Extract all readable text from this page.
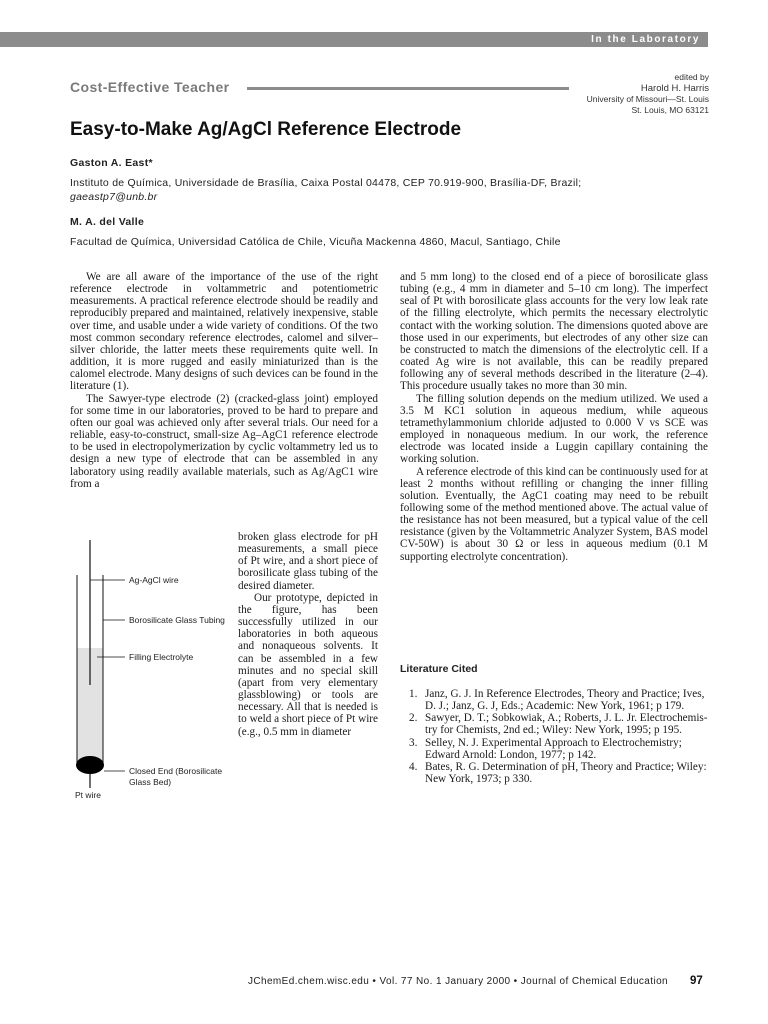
In the Laboratory
Cost-Effective Teacher
edited by
Harold H. Harris
University of Missouri—St. Louis
St. Louis, MO 63121
Easy-to-Make Ag/AgCl Reference Electrode
Gaston A. East*
Instituto de Química, Universidade de Brasília, Caixa Postal 04478, CEP 70.919-900, Brasília-DF, Brazil;
gaeastp7@unb.br
M. A. del Valle
Facultad de Química, Universidad Católica de Chile, Vicuña Mackenna 4860, Macul, Santiago, Chile

We are all aware of the importance of the use of the right reference electrode in voltammetric and potentiometric measurements. A practical reference electrode should be readily and reproducibly prepared and maintained, relatively inexpensive, stable over time, and usable under a wide variety of conditions. Of the two most common secondary reference electrodes, calomel and silver–silver chloride, the latter meets these requirements quite well. In addition, it is more rugged and easily miniaturized than is the calomel electrode. Many designs of such devices can be found in the literature (1).

The Sawyer-type electrode (2) (cracked-glass joint) employed for some time in our laboratories, proved to be hard to prepare and often our goal was achieved only after several trials. Our need for a reliable, easy-to-construct, small-size Ag–AgC1 reference electrode to be used in electropolymerization by cyclic voltammetry led us to design a new type of electrode that can be assembled in any laboratory using readily available materials, such as Ag/AgC1 wire from a

Ag-AgCl wire
Borosilicate Glass Tubing
Filling Electrolyte
Closed End (Borosilicate
Glass Bed)
Pt wire

broken glass electrode for pH measurements, a small piece of Pt wire, and a short piece of borosilicate glass tubing of the desired diameter.

Our prototype, depicted in the figure, has been successfully utilized in our laboratories in both aqueous and nonaqueous solvents. It can be assembled in a few minutes and no special skill (apart from very elementary glassblowing) or tools are necessary. All that is needed is to weld a short piece of Pt wire (e.g., 0.5 mm in diameter

and 5 mm long) to the closed end of a piece of borosilicate glass tubing (e.g., 4 mm in diameter and 5–10 cm long). The imperfect seal of Pt with borosilicate glass accounts for the very low leak rate of the filling electrolyte, which permits the necessary electrolytic contact with the working solution. The dimensions quoted above are those used in our experiments, but electrodes of any other size can be constructed to match the dimensions of the electrolytic cell. If a coated Ag wire is not available, this can be readily prepared following any of several methods described in the literature (2–4). This procedure usually takes no more than 30 min.

The filling solution depends on the medium utilized. We used a 3.5 M KC1 solution in aqueous medium, while aqueous tetramethylammonium chloride adjusted to 0.000 V vs SCE was employed in nonaqueous medium. In our work, the reference electrode was located inside a Luggin capillary containing the working solution.

A reference electrode of this kind can be continuously used for at least 2 months without refilling or changing the inner filling solution. Eventually, the AgC1 coating may need to be rebuilt following some of the method mentioned above. The actual value of the resistance has not been measured, but a typical value of the cell resistance (given by the Voltammetric Analyzer System, BAS model CV-50W) is about 30 Ω or less in aqueous medium (0.1 M supporting electrolyte concentration).

Literature Cited
1. Janz, G. J. In Reference Electrodes, Theory and Practice; Ives, D. J.; Janz, G. J, Eds.; Academic: New York, 1961; p 179.
2. Sawyer, D. T.; Sobkowiak, A.; Roberts, J. L. Jr. Electrochemistry for Chemists, 2nd ed.; Wiley: New York, 1995; p 195.
3. Selley, N. J. Experimental Approach to Electrochemistry; Edward Arnold: London, 1977; p 142.
4. Bates, R. G. Determination of pH, Theory and Practice; Wiley: New York, 1973; p 330.
JChemEd.chem.wisc.edu • Vol. 77 No. 1 January 2000 • Journal of Chemical Education	97
